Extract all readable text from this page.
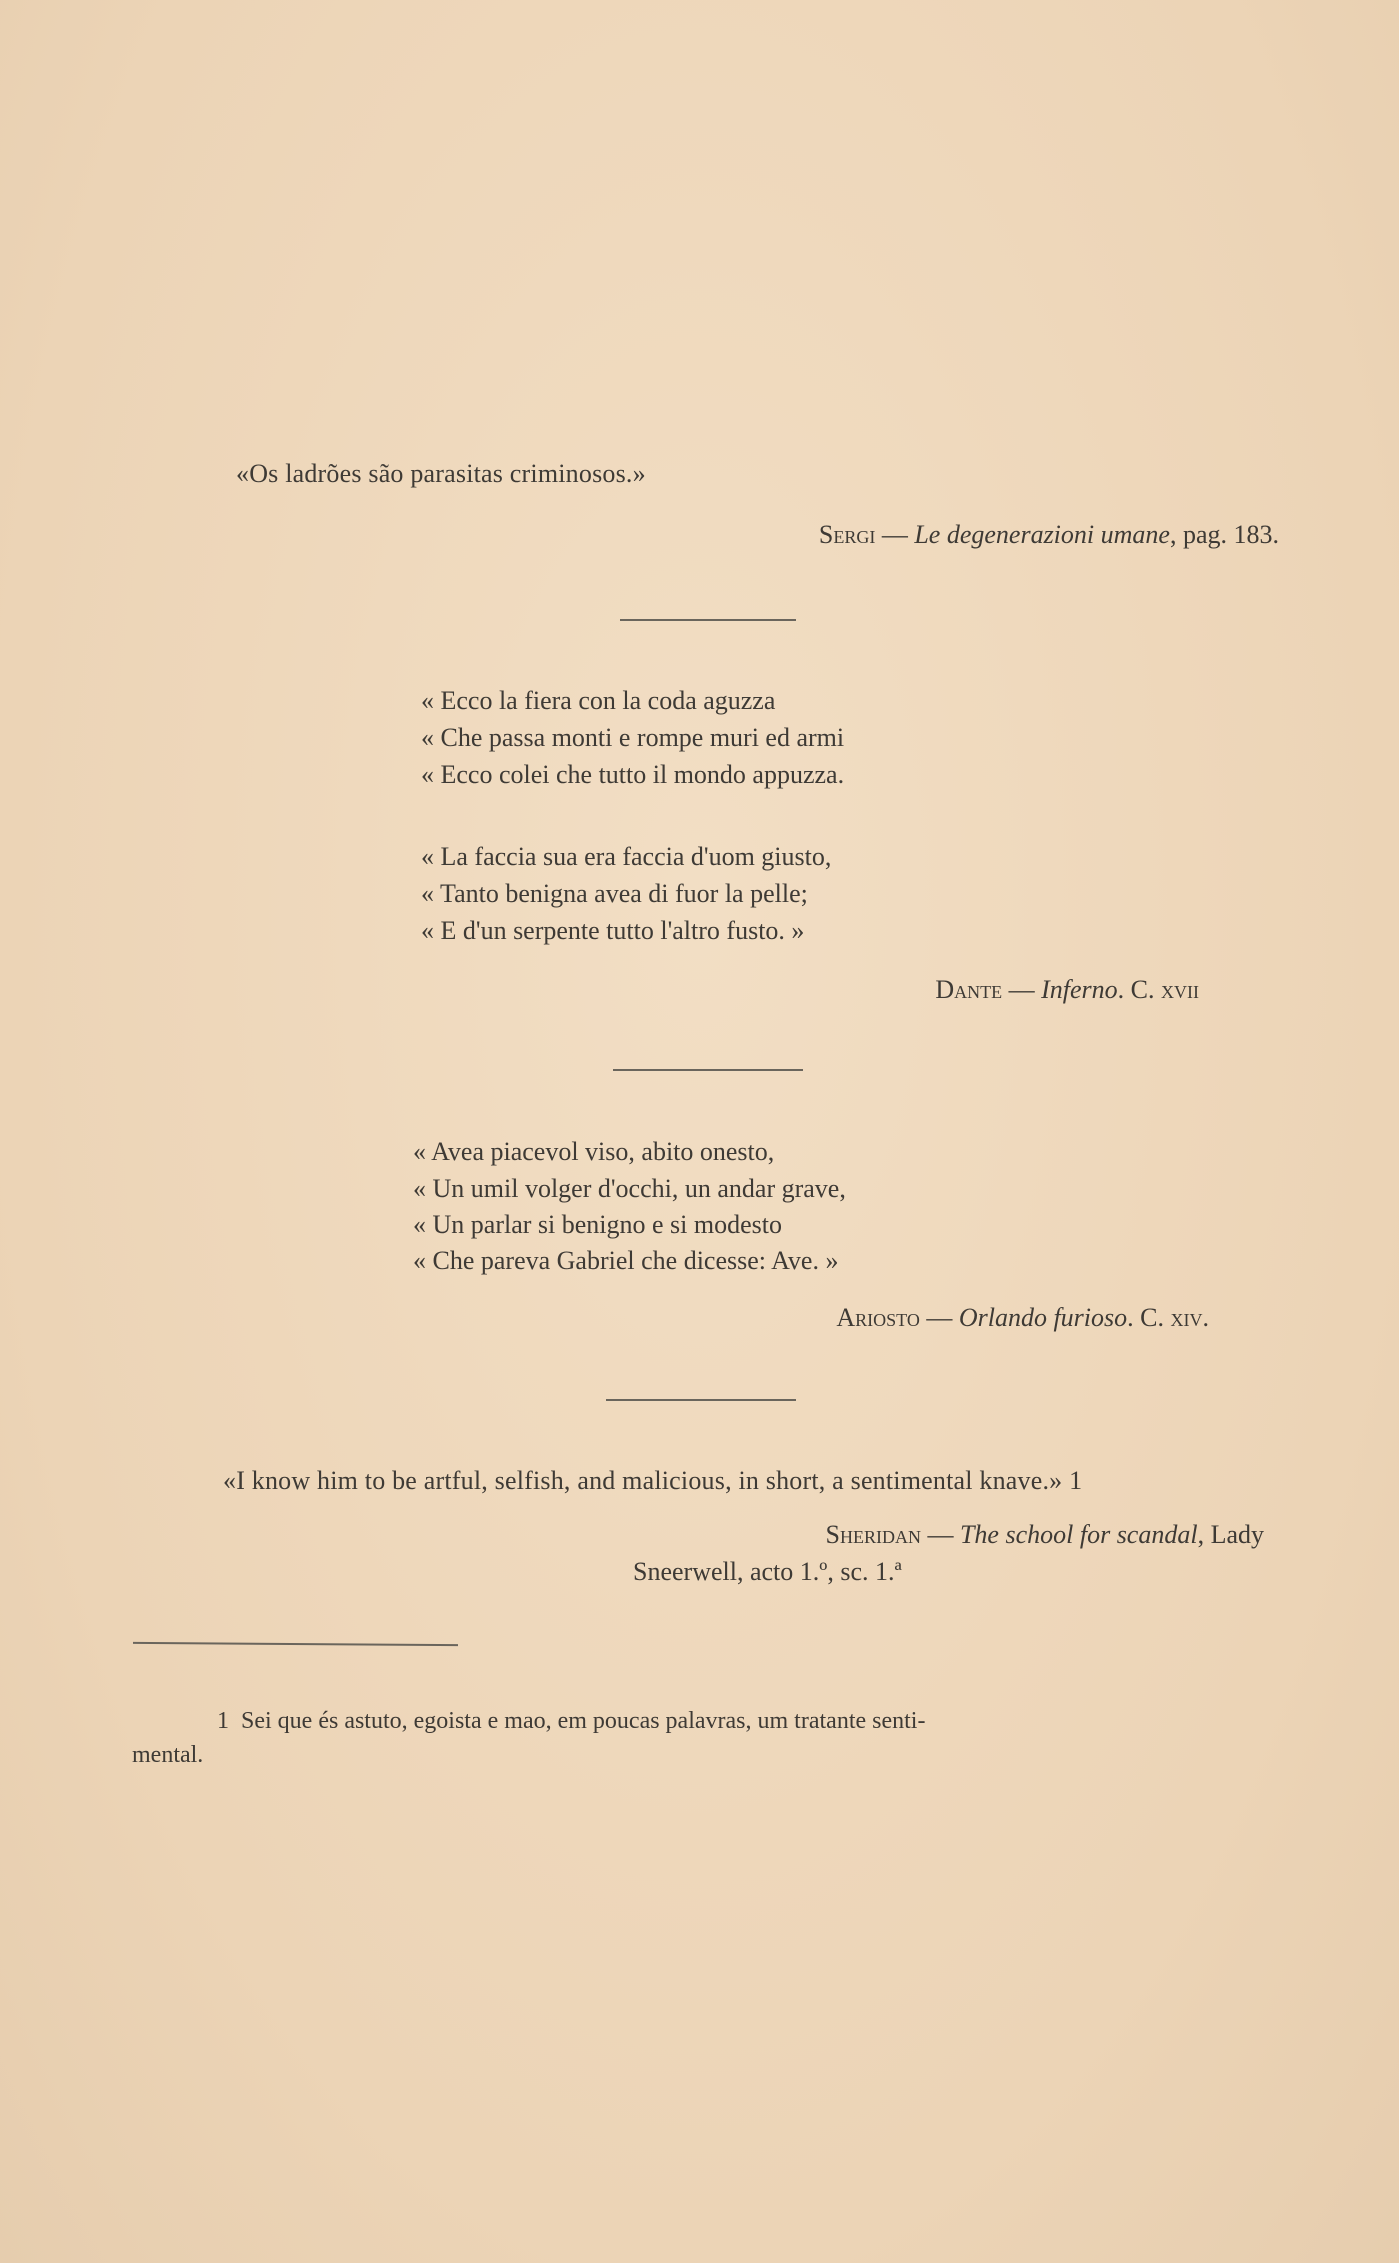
«Os ladrões são parasitas criminosos.»
Sergi — Le degenerazioni umane, pag. 183.
« Ecco la fiera con la coda aguzza
« Che passa monti e rompe muri ed armi
« Ecco colei che tutto il mondo appuzza.
« La faccia sua era faccia d'uom giusto,
« Tanto benigna avea di fuor la pelle;
« E d'un serpente tutto l'altro fusto. »
Dante — Inferno. C. xvii
« Avea piacevol viso, abito onesto,
« Un umil volger d'occhi, un andar grave,
« Un parlar si benigno e si modesto
« Che pareva Gabriel che dicesse: Ave. »
Ariosto — Orlando furioso. C. xiv.
«I know him to be artful, selfish, and malicious, in short, a sentimental knave.» 1
Sheridan — The school for scandal, Lady
Sneerwell, acto 1.º, sc. 1.ª
1 Sei que és astuto, egoista e mao, em poucas palavras, um tratante senti-
mental.
